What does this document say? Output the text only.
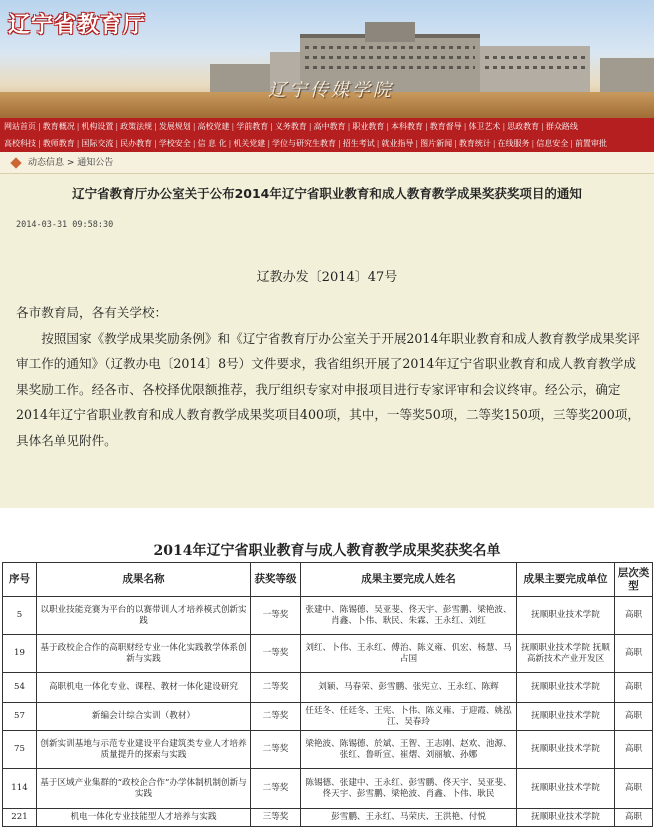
辽宁省教育厅
辽宁传媒学院
网站首页 | 教育概况 | 机构设置 | 政策法规 | 发展规划 | 高校党建 | 学前教育 | 义务教育 | 高中教育 | 职业教育 | 本科教育 | 教育督导 | 体卫艺术 | 思政教育 | 群众路线
高校科技 | 教师教育 | 国际交流 | 民办教育 | 学校安全 | 信 息 化 | 机关党建 | 学位与研究生教育 | 招生考试 | 就业指导 | 图片新闻 | 教育统计 | 在线服务 | 信息安全 | 前置审批
动态信息 > 通知公告
辽宁省教育厅办公室关于公布2014年辽宁省职业教育和成人教育教学成果奖获奖项目的通知
2014-03-31 09:58:30
辽教办发〔2014〕47号

各市教育局，各有关学校：

按照国家《教学成果奖励条例》和《辽宁省教育厅办公室关于开展2014年职业教育和成人教育教学成果奖评审工作的通知》（辽教办电〔2014〕8号）文件要求，我省组织开展了2014年辽宁省职业教育和成人教育教学成果奖励工作。经各市、各校择优限额推荐，我厅组织专家对申报项目进行专家评审和会议终审。经公示，确定2014年辽宁省职业教育和成人教育教学成果奖项目400项，其中，一等奖50项，二等奖150项，三等奖200项，具体名单见附件。

2014年辽宁省职业教育与成人教育教学成果奖获奖名单
序号	成果名称	获奖等级	成果主要完成人姓名	成果主要完成单位	层次类型
5	以职业技能竞赛为平台的以赛带训人才培养模式创新实践	一等奖	张建中、陈锡德、吴亚斐、佟天宇、彭雪鹏、梁艳波、肖鑫、卜伟、耿民、朱霖、王永红、刘红	抚顺职业技术学院	高职
19	基于政校企合作的高职财经专业一体化实践教学体系创新与实践	一等奖	刘红、卜伟、王永红、傅治、陈义雍、仉宏、杨慧、马占国	抚顺职业技术学院 抚顺高新技术产业开发区	高职
54	高职机电一体化专业、课程、教材一体化建设研究	二等奖	刘颖、马春荣、彭雪鹏、张宪立、王永红、陈辉	抚顺职业技术学院	高职
57	新编会计综合实训（教材）	二等奖	任廷冬、任廷冬、王宪、卜伟、陈义雍、于迎霞、姚泓江、吴春玲	抚顺职业技术学院	高职
75	创新实训基地与示范专业建设平台建筑类专业人才培养质量提升的探索与实践	二等奖	梁艳波、陈锡德、於斌、王智、王志刚、赵欢、池源、张红、鲁昕宣、崔熠、刘丽敏、孙娜	抚顺职业技术学院	高职
114	基于区域产业集群的“政校企合作”办学体制机制创新与实践	二等奖	陈锡德、张建中、王永红、彭雪鹏、佟天宇、吴亚斐、佟天宇、彭雪鹏、梁艳波、肖鑫、卜伟、耿民	抚顺职业技术学院	高职
221	机电一体化专业技能型人才培养与实践	三等奖	彭雪鹏、王永红、马荣庆、王洪艳、付悦	抚顺职业技术学院	高职
